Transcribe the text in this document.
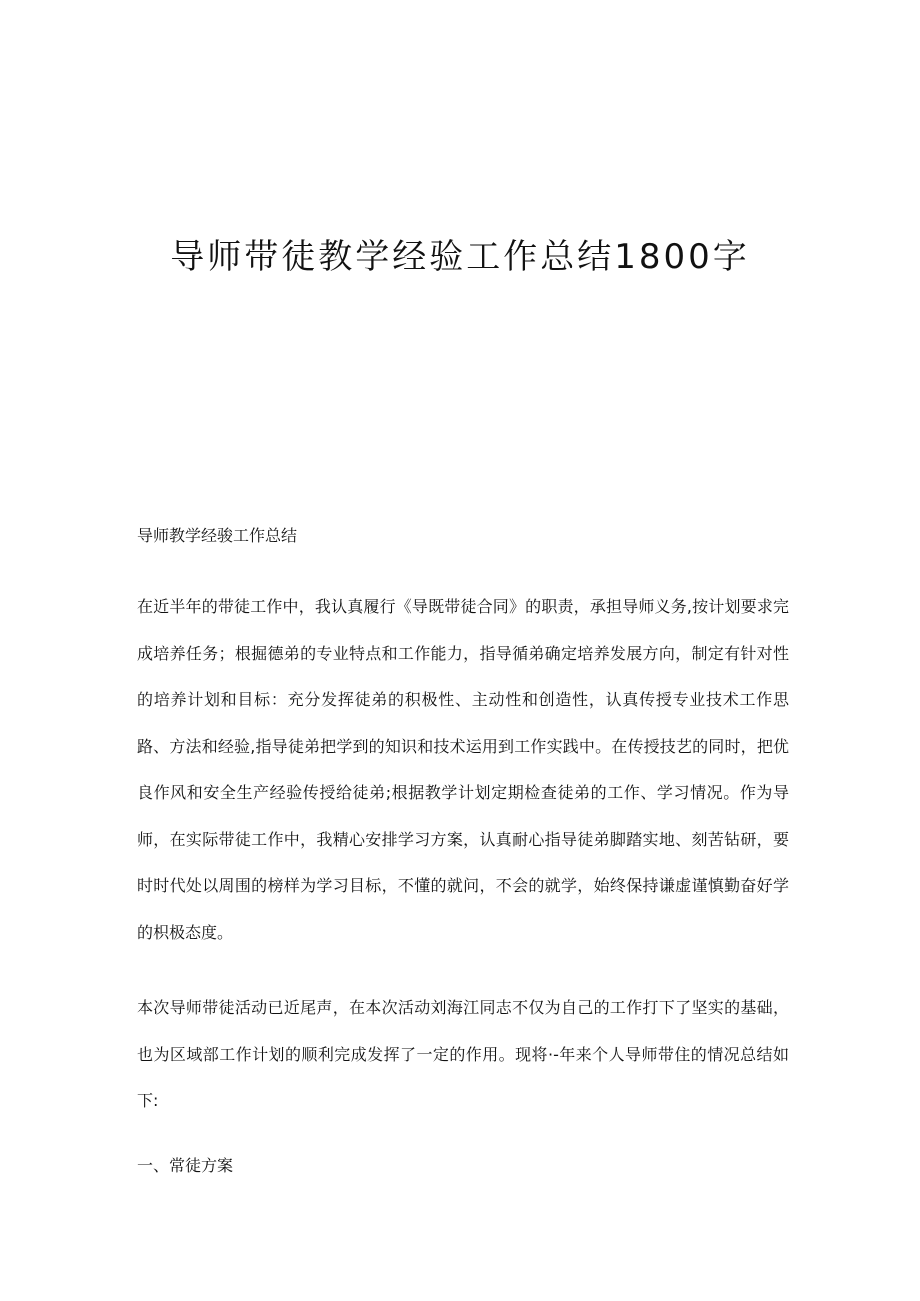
导师带徒教学经验工作总结1800字

导师教学经骏工作总结

在近半年的带徒工作中，我认真履行《导既带徒合同》的职责，承担导师义务,按计划要求完成培养任务；根掘德弟的专业特点和工作能力，指导循弟确定培养发展方向，制定有针对性的培养计划和目标：充分发挥徒弟的积极性、主动性和创造性，认真传授专业技术工作思路、方法和经验,指导徒弟把学到的知识和技术运用到工作实践中。在传授技艺的同时，把优良作风和安全生产经验传授给徒弟;根据教学计划定期检查徒弟的工作、学习情况。作为导师，在实际带徒工作中，我精心安排学习方案，认真耐心指导徒弟脚踏实地、刻苦钻研，要时时代处以周围的榜样为学习目标，不懂的就问，不会的就学，始终保持谦虚谨慎勤奋好学的枳极态度。

本次导师带徒活动已近尾声，在本次活动刘海江同志不仅为自己的工作打下了坚实的基础，也为区域部工作计划的顺利完成发挥了一定的作用。现将·-年来个人导师带住的情况总结如下:

一、常徒方案
